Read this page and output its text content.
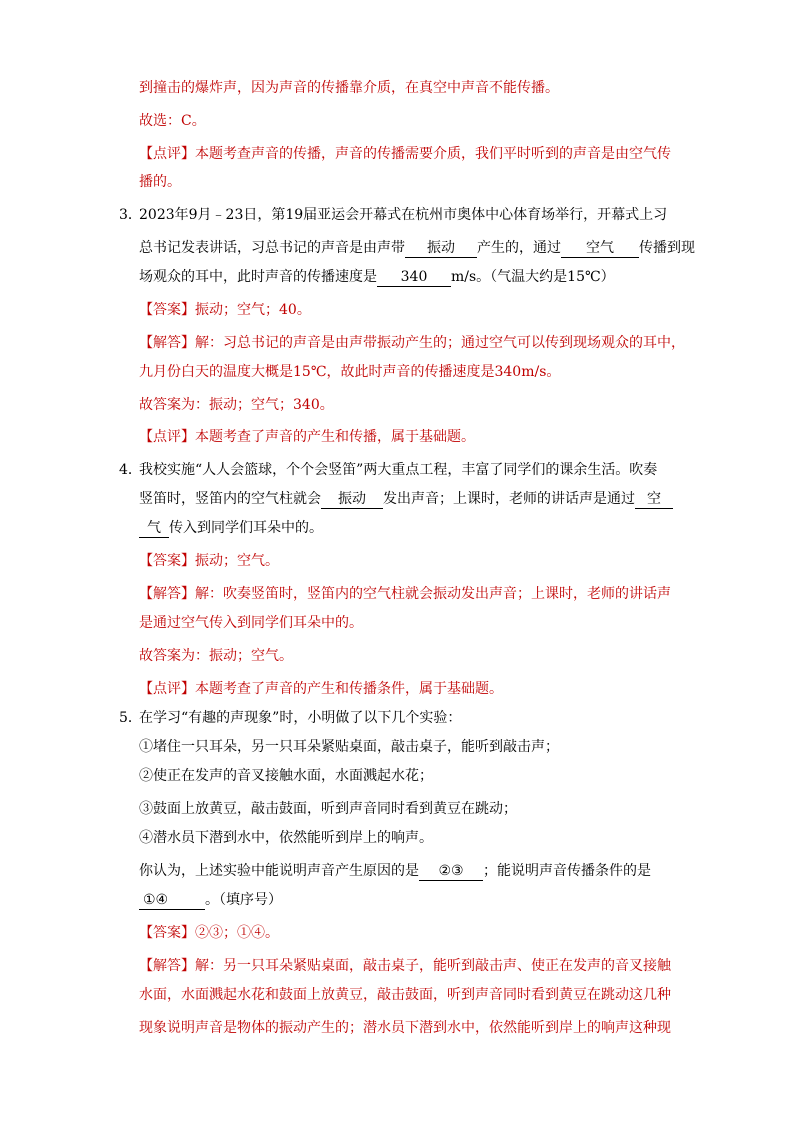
到撞击的爆炸声，因为声音的传播靠介质，在真空中声音不能传播。
故选：C。
【点评】本题考查声音的传播，声音的传播需要介质，我们平时听到的声音是由空气传
播的。
3．
2023年9月﹣23日，第19届亚运会开幕式在杭州市奥体中心体育场举行，开幕式上习
总书记发表讲话，习总书记的声音是由声带 振动 产生的，通过 空气 传播到现
场观众的耳中，此时声音的传播速度是 340 m/s。（气温大约是15℃）
【答案】振动；空气；40。
【解答】解：习总书记的声音是由声带振动产生的；通过空气可以传到现场观众的耳中，
九月份白天的温度大概是15℃，故此时声音的传播速度是340m/s。
故答案为：振动；空气；340。
【点评】本题考查了声音的产生和传播，属于基础题。
4．
我校实施“人人会篮球，个个会竖笛”两大重点工程，丰富了同学们的课余生活。吹奏
竖笛时，竖笛内的空气柱就会 振动 发出声音；上课时，老师的讲话声是通过 空
气 传入到同学们耳朵中的。
【答案】振动；空气。
【解答】解：吹奏竖笛时，竖笛内的空气柱就会振动发出声音；上课时，老师的讲话声
是通过空气传入到同学们耳朵中的。
故答案为：振动；空气。
【点评】本题考查了声音的产生和传播条件，属于基础题。
5．
在学习“有趣的声现象”时，小明做了以下几个实验：
①堵住一只耳朵，另一只耳朵紧贴桌面，敲击桌子，能听到敲击声；
②使正在发声的音叉接触水面，水面溅起水花；
③鼓面上放黄豆，敲击鼓面，听到声音同时看到黄豆在跳动；
④潜水员下潜到水中，依然能听到岸上的响声。
你认为，上述实验中能说明声音产生原因的是 ②③ ；能说明声音传播条件的是
①④	。（填序号）
【答案】②③；①④。
【解答】解：另一只耳朵紧贴桌面，敲击桌子，能听到敲击声、使正在发声的音叉接触
水面，水面溅起水花和鼓面上放黄豆，敲击鼓面，听到声音同时看到黄豆在跳动这几种
现象说明声音是物体的振动产生的；潜水员下潜到水中，依然能听到岸上的响声这种现
